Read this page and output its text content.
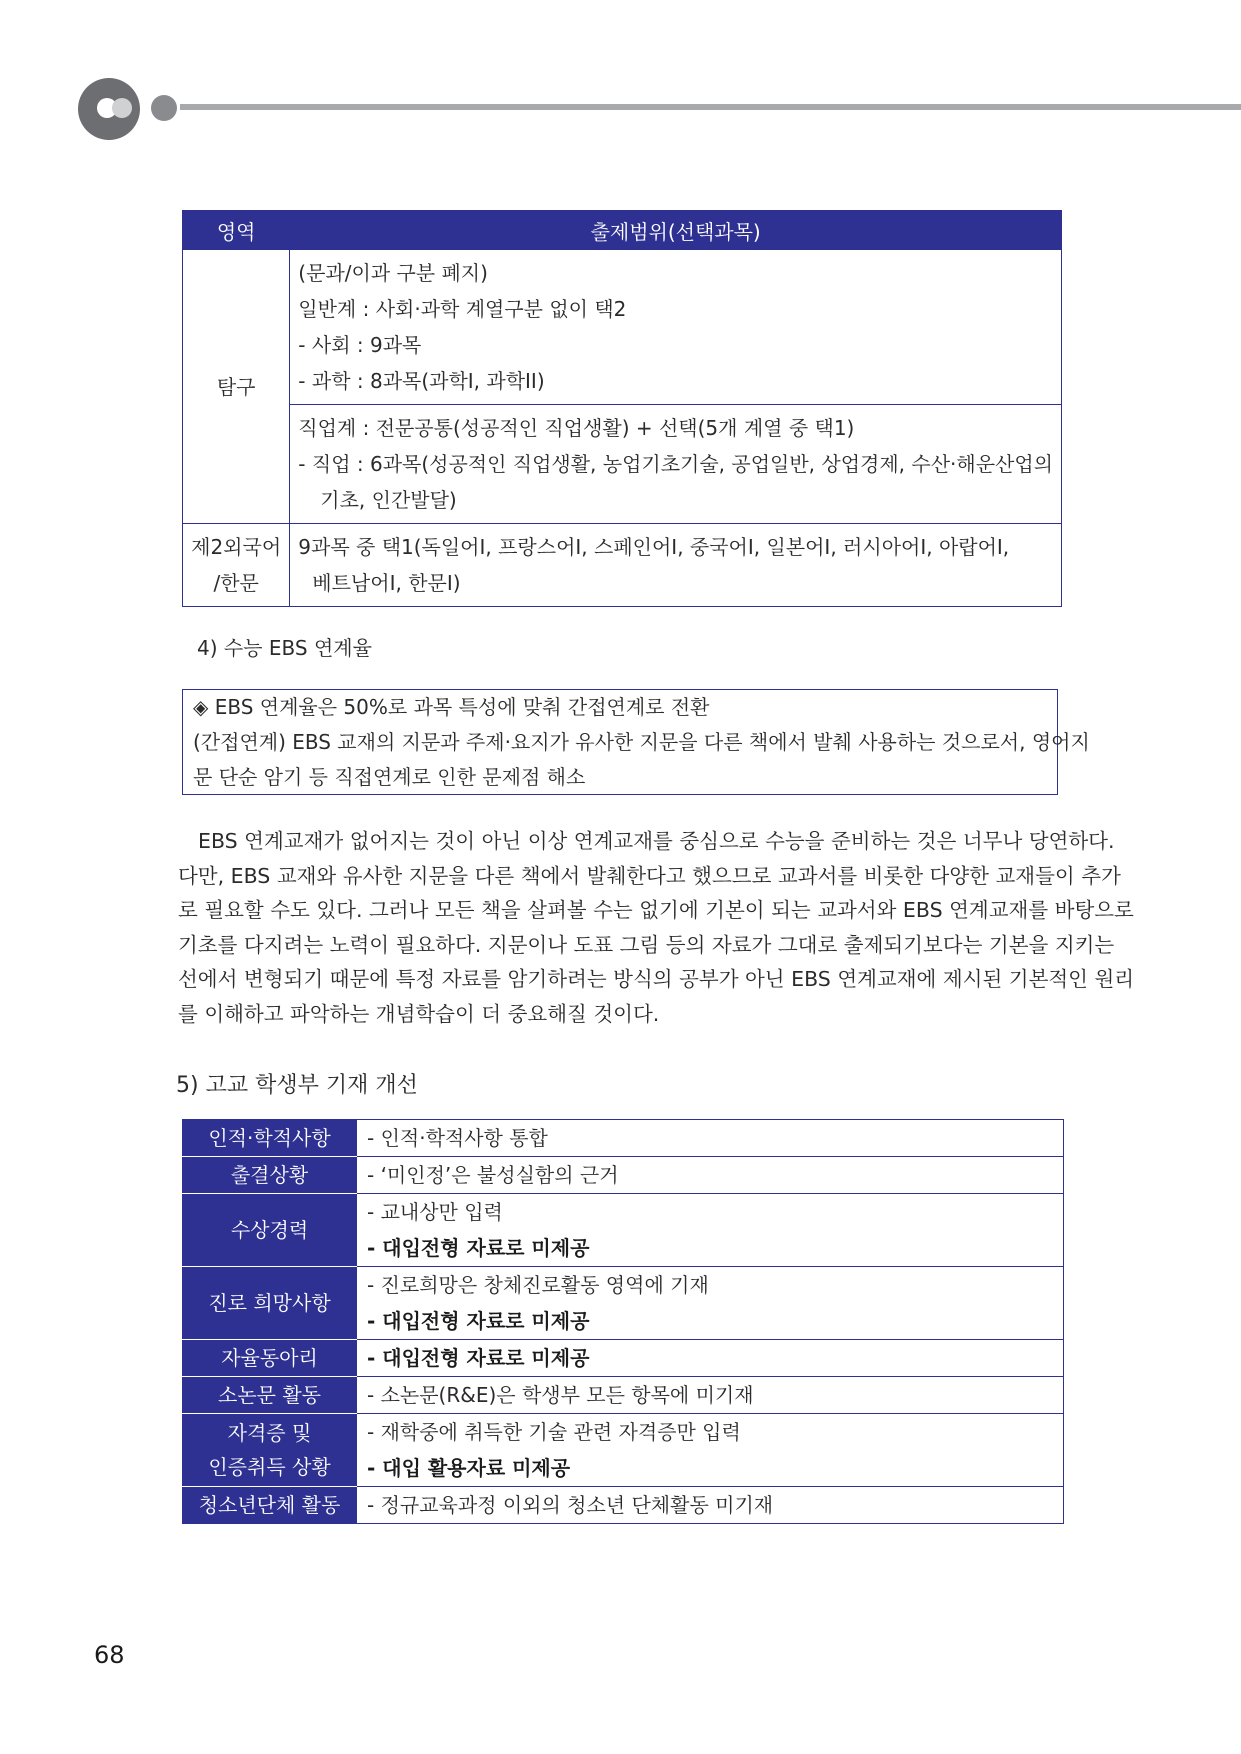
영역	출제범위(선택과목)
탐구	(문과/이과 구분 폐지)
일반계 : 사회·과학 계열구분 없이 택2
- 사회 : 9과목
- 과학 : 8과목(과학I, 과학II)

	직업계 : 전문공통(성공적인 직업생활) + 선택(5개 계열 중 택1)
- 직업 : 6과목(성공적인 직업생활, 농업기초기술, 공업일반, 상업경제, 수산·해운산업의
기초, 인간발달)

제2외국어
/한문	9과목 중 택1(독일어I, 프랑스어I, 스페인어I, 중국어I, 일본어I, 러시아어I, 아랍어I,
베트남어I, 한문I)
4) 수능 EBS 연계율
◈ EBS 연계율은 50%로 과목 특성에 맞춰 간접연계로 전환
(간접연계) EBS 교재의 지문과 주제·요지가 유사한 지문을 다른 책에서 발췌 사용하는 것으로서, 영어지
문 단순 암기 등 직접연계로 인한 문제점 해소
EBS 연계교재가 없어지는 것이 아닌 이상 연계교재를 중심으로 수능을 준비하는 것은 너무나 당연하다.
다만, EBS 교재와 유사한 지문을 다른 책에서 발췌한다고 했으므로 교과서를 비롯한 다양한 교재들이 추가
로 필요할 수도 있다. 그러나 모든 책을 살펴볼 수는 없기에 기본이 되는 교과서와 EBS 연계교재를 바탕으로
기초를 다지려는 노력이 필요하다. 지문이나 도표 그림 등의 자료가 그대로 출제되기보다는 기본을 지키는
선에서 변형되기 때문에 특정 자료를 암기하려는 방식의 공부가 아닌 EBS 연계교재에 제시된 기본적인 원리
를 이해하고 파악하는 개념학습이 더 중요해질 것이다.
5) 고교 학생부 기재 개선
인적·학적사항	- 인적·학적사항 통합

출결상황	- ‘미인정’은 불성실함의 근거

수상경력	- 교내상만 입력
- 대입전형 자료로 미제공

진로 희망사항	- 진로희망은 창체진로활동 영역에 기재
- 대입전형 자료로 미제공

자율동아리	- 대입전형 자료로 미제공

소논문 활동	- 소논문(R&E)은 학생부 모든 항목에 미기재

자격증 및
인증취득 상황	- 재학중에 취득한 기술 관련 자격증만 입력
- 대입 활용자료 미제공

청소년단체 활동	- 정규교육과정 이외의 청소년 단체활동 미기재
68
